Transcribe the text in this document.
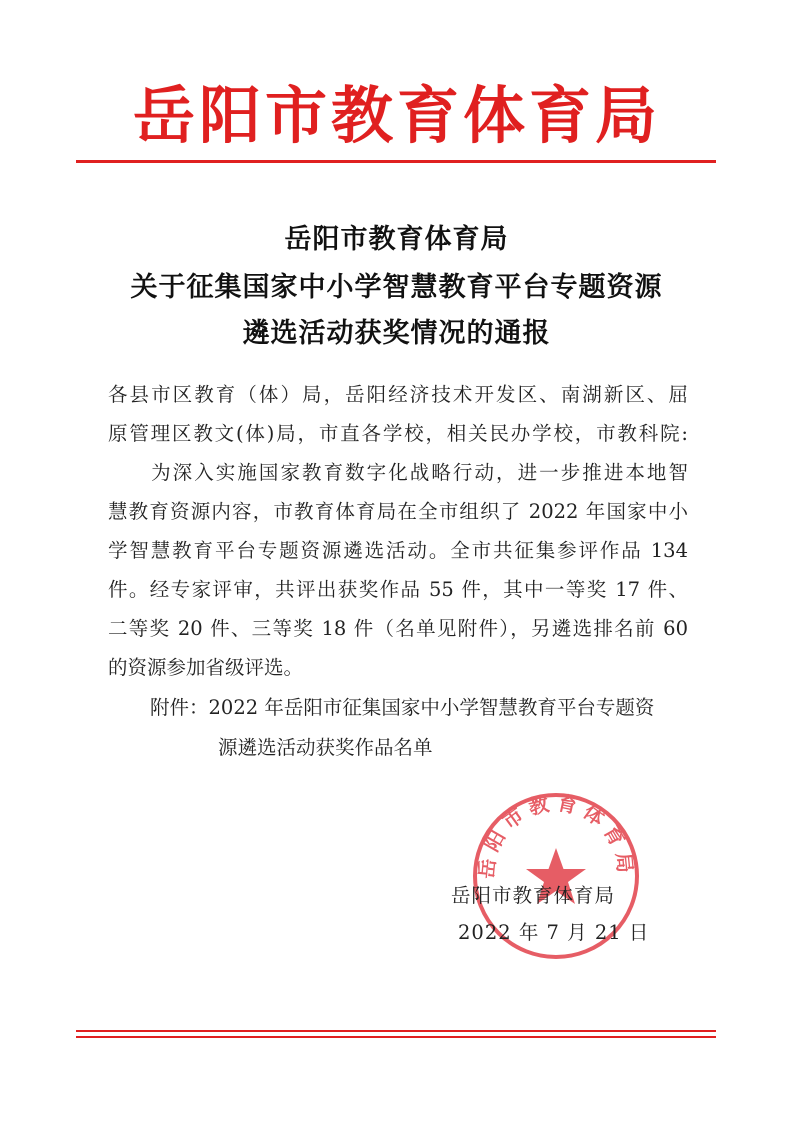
岳阳市教育体育局
岳阳市教育体育局
关于征集国家中小学智慧教育平台专题资源
遴选活动获奖情况的通报
各县市区教育（体）局，岳阳经济技术开发区、南湖新区、屈
原管理区教文(体)局，市直各学校，相关民办学校，市教科院:
　　为深入实施国家教育数字化战略行动，进一步推进本地智
慧教育资源内容，市教育体育局在全市组织了 2022 年国家中小
学智慧教育平台专题资源遴选活动。全市共征集参评作品 134
件。经专家评审，共评出获奖作品 55 件，其中一等奖 17 件、
二等奖 20 件、三等奖 18 件（名单见附件），另遴选排名前 60
的资源参加省级评选。
附件：2022 年岳阳市征集国家中小学智慧教育平台专题资
源遴选活动获奖作品名单
岳阳市教育体育局
岳阳市教育体育局
2022 年 7 月 21 日
